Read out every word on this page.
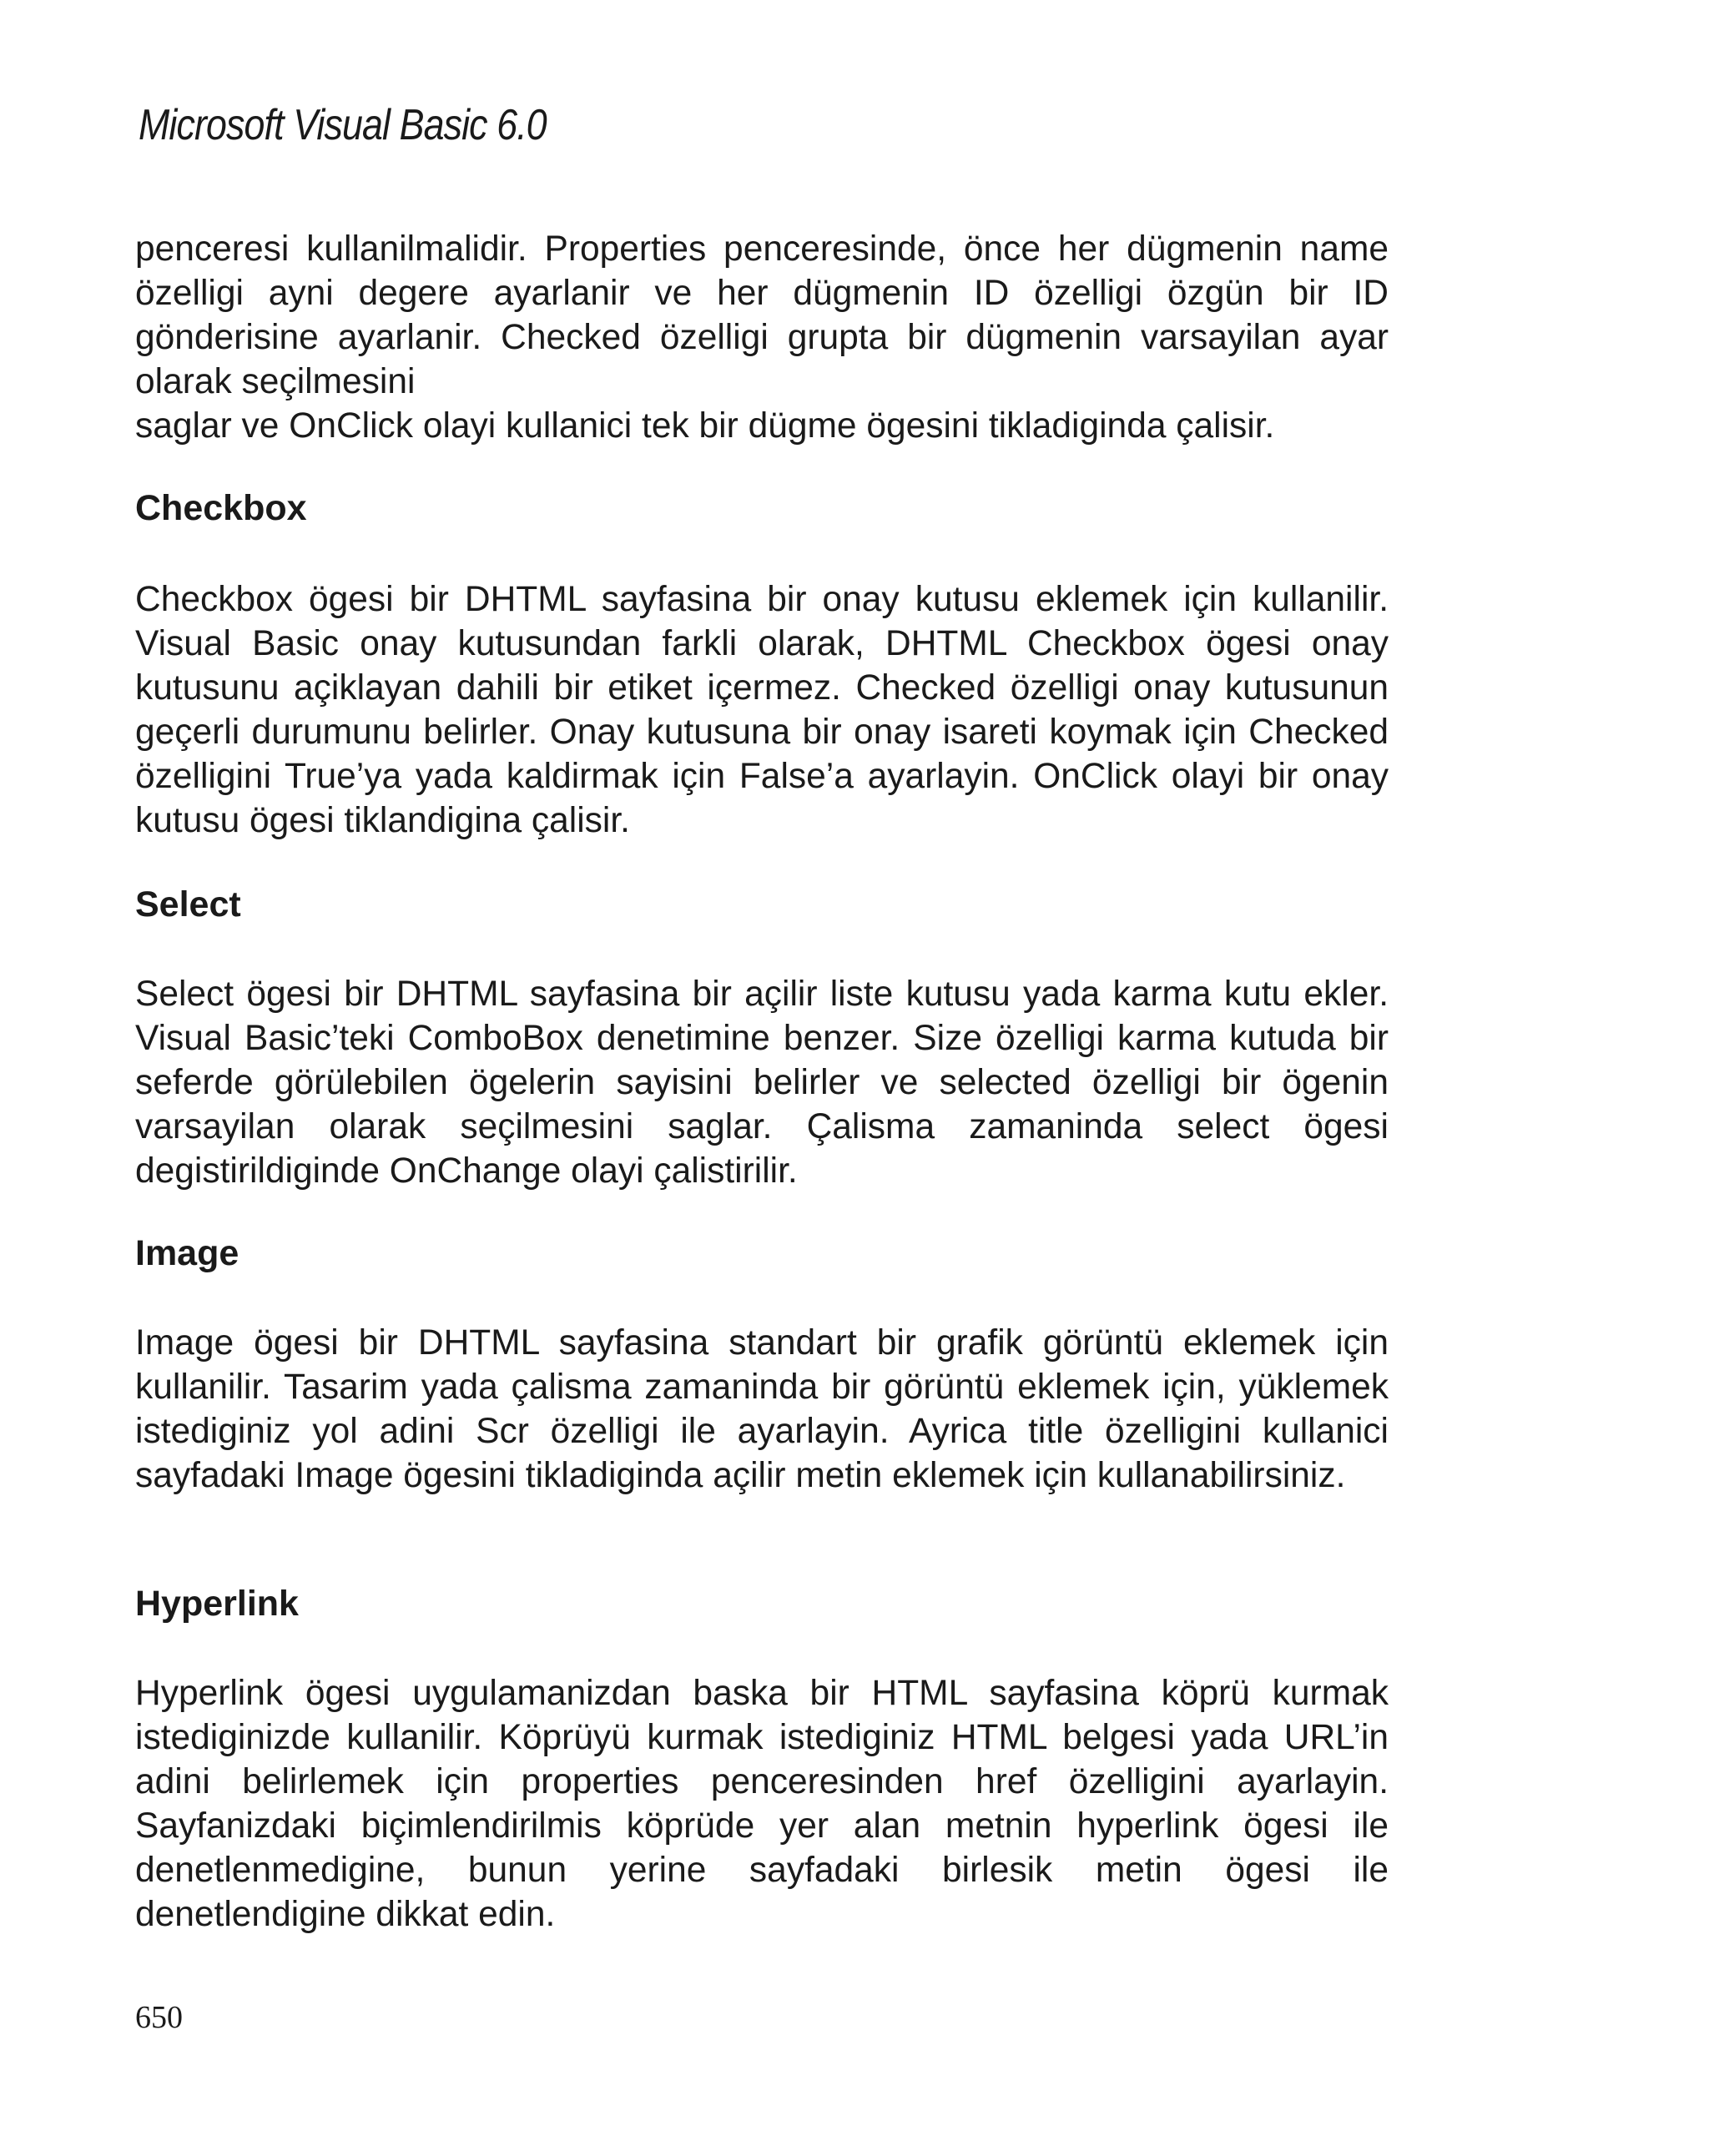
Microsoft Visual Basic 6.0

penceresi kullanilmalidir. Properties penceresinde, önce her dügmenin name özelligi ayni degere ayarlanir ve her dügmenin ID özelligi özgün bir ID gönderisine ayarlanir. Checked özelligi grupta bir dügmenin varsayilan ayar olarak seçilmesini

saglar ve OnClick olayi kullanici tek bir dügme ögesini tikladiginda çalisir.

Checkbox

Checkbox ögesi bir DHTML sayfasina bir onay kutusu eklemek için kullanilir. Visual Basic onay kutusundan farkli olarak, DHTML Checkbox ögesi onay kutusunu açiklayan dahili bir etiket içermez. Checked özelligi onay kutusunun geçerli durumunu belirler. Onay kutusuna bir onay isareti koymak için Checked özelligini True’ya yada kaldirmak için False’a ayarlayin. OnClick olayi bir onay kutusu ögesi tiklandigina çalisir.

Select

Select ögesi bir DHTML sayfasina bir açilir liste kutusu yada karma kutu ekler. Visual Basic’teki ComboBox denetimine benzer. Size özelligi karma kutuda bir seferde görülebilen ögelerin sayisini belirler ve selected özelligi bir ögenin varsayilan olarak seçilmesini saglar. Çalisma zamaninda select ögesi degistirildiginde OnChange olayi çalistirilir.

Image

Image ögesi bir DHTML sayfasina standart bir grafik görüntü eklemek için kullanilir. Tasarim yada çalisma zamaninda bir görüntü eklemek için, yüklemek istediginiz yol adini Scr özelligi ile ayarlayin. Ayrica title özelligini kullanici sayfadaki Image ögesini tikladiginda açilir metin eklemek için kullanabilirsiniz.

Hyperlink

Hyperlink ögesi uygulamanizdan baska bir HTML sayfasina köprü kurmak istediginizde kullanilir. Köprüyü kurmak istediginiz HTML belgesi yada URL’in adini belirlemek için properties penceresinden href özelligini ayarlayin. Sayfanizdaki biçimlendirilmis köprüde yer alan metnin hyperlink ögesi ile denetlenmedigine, bunun yerine sayfadaki birlesik metin ögesi ile denetlendigine dikkat edin.

650
